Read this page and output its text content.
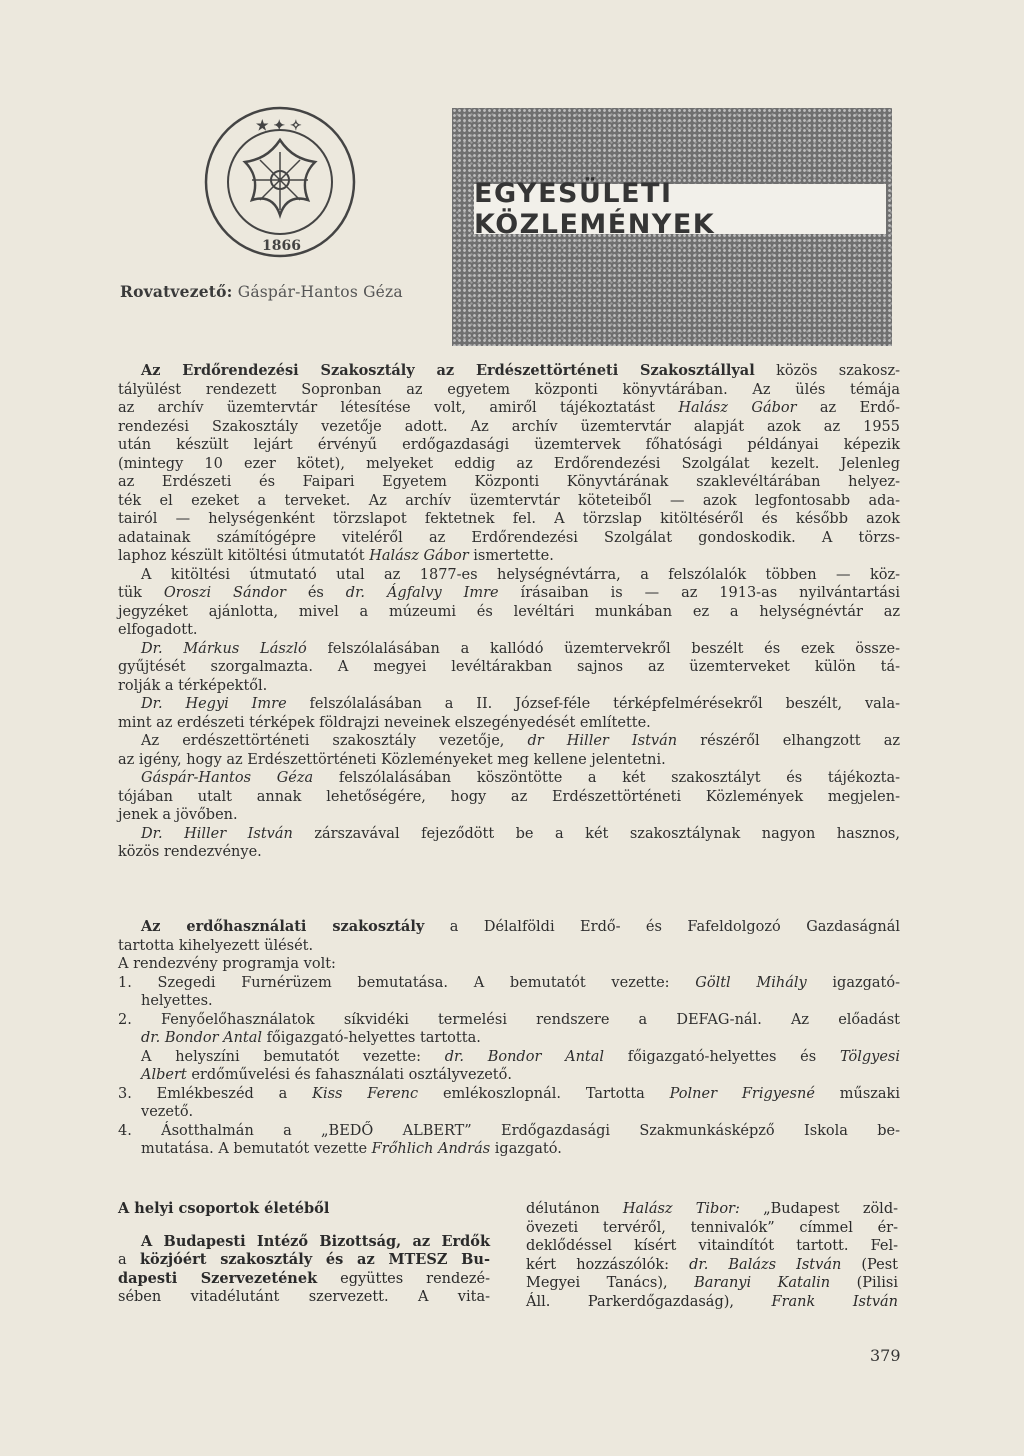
★ ✦ ✧
1866
Rovatvezető: Gáspár-Hantos Géza
EGYESÜLETI KÖZLEMÉNYEK

Az Erdőrendezési Szakosztály az Erdészettörténeti Szakosztállyal közös szakosz-

tályülést rendezett Sopronban az egyetem központi könyvtárában. Az ülés témája

az archív üzemtervtár létesítése volt, amiről tájékoztatást Halász Gábor az Erdő-

rendezési Szakosztály vezetője adott. Az archív üzemtervtár alapját azok az 1955

után készült lejárt érvényű erdőgazdasági üzemtervek főhatósági példányai képezik

(mintegy 10 ezer kötet), melyeket eddig az Erdőrendezési Szolgálat kezelt. Jelenleg

az Erdészeti és Faipari Egyetem Központi Könyvtárának szaklevéltárában helyez-

ték el ezeket a terveket. Az archív üzemtervtár köteteiből — azok legfontosabb ada-

tairól — helységenként törzslapot fektetnek fel. A törzslap kitöltéséről és később azok

adatainak számítógépre viteléről az Erdőrendezési Szolgálat gondoskodik. A törzs-

laphoz készült kitöltési útmutatót Halász Gábor ismertette.

A kitöltési útmutató utal az 1877-es helységnévtárra, a felszólalók többen — köz-

tük Oroszi Sándor és dr. Ágfalvy Imre írásaiban is — az 1913-as nyilvántartási

jegyzéket ajánlotta, mivel a múzeumi és levéltári munkában ez a helységnévtár az

elfogadott.

Dr. Márkus László felszólalásában a kallódó üzemtervekről beszélt és ezek össze-

gyűjtését szorgalmazta. A megyei levéltárakban sajnos az üzemterveket külön tá-

rolják a térképektől.

Dr. Hegyi Imre felszólalásában a II. József-féle térképfelmérésekről beszélt, vala-

mint az erdészeti térképek földrajzi neveinek elszegényedését említette.

Az erdészettörténeti szakosztály vezetője, dr Hiller István részéről elhangzott az

az igény, hogy az Erdészettörténeti Közleményeket meg kellene jelentetni.

Gáspár-Hantos Géza felszólalásában köszöntötte a két szakosztályt és tájékozta-

tójában utalt annak lehetőségére, hogy az Erdészettörténeti Közlemények megjelen-

jenek a jövőben.

Dr. Hiller István zárszavával fejeződött be a két szakosztálynak nagyon hasznos,

közös rendezvénye.

Az erdőhasználati szakosztály a Délalföldi Erdő- és Fafeldolgozó Gazdaságnál

tartotta kihelyezett ülését.

A rendezvény programja volt:

1. Szegedi Furnérüzem bemutatása. A bemutatót vezette: Göltl Mihály igazgató-

helyettes.

2. Fenyőelőhasználatok síkvidéki termelési rendszere a DEFAG-nál. Az előadást

dr. Bondor Antal főigazgató-helyettes tartotta.

A helyszíni bemutatót vezette: dr. Bondor Antal főigazgató-helyettes és Tölgyesi

Albert erdőművelési és fahasználati osztályvezető.

3. Emlékbeszéd a Kiss Ferenc emlékoszlopnál. Tartotta Polner Frigyesné műszaki

vezető.

4. Ásotthalmán a „BEDŐ ALBERT” Erdőgazdasági Szakmunkásképző Iskola be-

mutatása. A bemutatót vezette Frőhlich András igazgató.

A helyi csoportok életéből

A Budapesti Intéző Bizottság, az Erdők

a közjóért szakosztály és az MTESZ Bu-

dapesti Szervezetének együttes rendezé-

sében vitadélutánt szervezett. A vita-

délutánon Halász Tibor: „Budapest zöld-

övezeti tervéről, tennivalók” címmel ér-

deklődéssel kísért vitaindítót tartott. Fel-

kért hozzászólók: dr. Balázs István (Pest

Megyei Tanács), Baranyi Katalin (Pilisi

Áll. Parkerdőgazdaság), Frank István

379
